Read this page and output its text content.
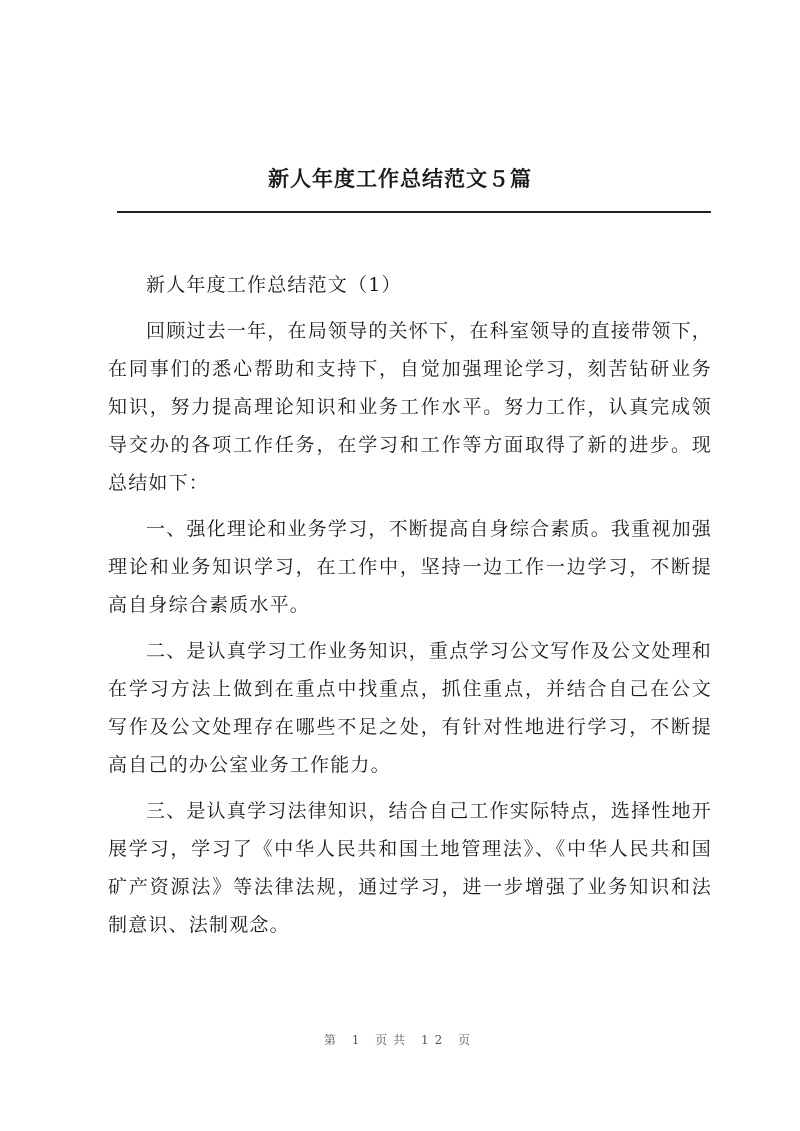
新人年度工作总结范文５篇

新人年度工作总结范文（1）

回顾过去一年，在局领导的关怀下，在科室领导的直接带领下，在同事们的悉心帮助和支持下，自觉加强理论学习，刻苦钻研业务知识，努力提高理论知识和业务工作水平。努力工作，认真完成领导交办的各项工作任务，在学习和工作等方面取得了新的进步。现总结如下：

一、强化理论和业务学习，不断提高自身综合素质。我重视加强理论和业务知识学习，在工作中，坚持一边工作一边学习，不断提高自身综合素质水平。

二、是认真学习工作业务知识，重点学习公文写作及公文处理和在学习方法上做到在重点中找重点，抓住重点，并结合自己在公文写作及公文处理存在哪些不足之处，有针对性地进行学习，不断提高自己的办公室业务工作能力。

三、是认真学习法律知识，结合自己工作实际特点，选择性地开展学习，学习了《中华人民共和国土地管理法》、《中华人民共和国矿产资源法》等法律法规，通过学习，进一步增强了业务知识和法制意识、法制观念。

第 1 页共 12 页
